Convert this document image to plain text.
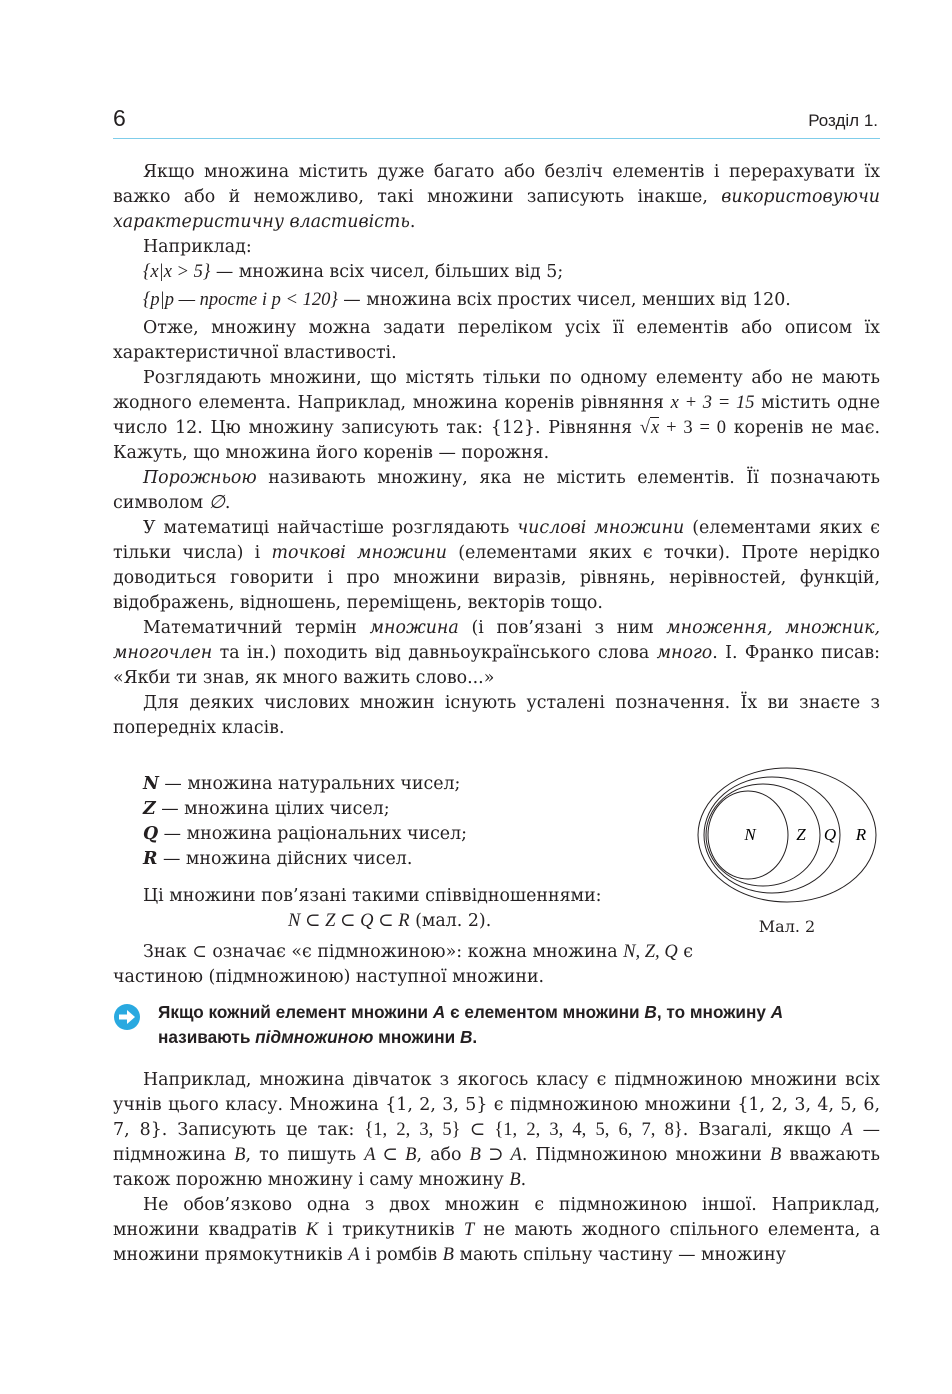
6	Розділ 1.

Якщо множина містить дуже багато або безліч елементів і перерахувати їх важко або й неможливо, такі множини записують інакше, використовуючи характеристичну властивість.

Наприклад:
{x|x > 5} — множина всіх чисел, більших від 5;
{p|p — просте і p < 120} — множина всіх простих чисел, менших від 120.

Отже, множину можна задати переліком усіх її елементів або описом їх характеристичної властивості.

Розглядають множини, що містять тільки по одному елементу або не мають жодного елемента. Наприклад, множина коренів рівняння x + 3 = 15 містить одне число 12. Цю множину записують так: {12}. Рівняння √x + 3 = 0 коренів не має. Кажуть, що множина його коренів — порожня.

Порожньою називають множину, яка не містить елементів. Її позначають символом ∅.

У математиці найчастіше розглядають числові множини (елементами яких є тільки числа) і точкові множини (елементами яких є точки). Проте нерідко доводиться говорити і про множини виразів, рівнянь, нерівностей, функцій, відображень, відношень, переміщень, векторів тощо.

Математичний термін множина (і пов’язані з ним множення, множник, многочлен та ін.) походить від давньоукраїнського слова много. І. Франко писав: «Якби ти знав, як много важить слово...»

Для деяких числових множин існують усталені позначення. Їх ви знаєте з попередніх класів.

N — множина натуральних чисел;
Z — множина цілих чисел;
Q — множина раціональних чисел;
R — множина дійсних чисел.
Ці множини пов’язані такими співвідношеннями:
N ⊂ Z ⊂ Q ⊂ R (мал. 2).

Знак ⊂ означає «є підмножиною»: кожна множина N, Z, Q є частиною (підмножиною) наступної множини.

N Z Q R
Мал. 2
Якщо кожний елемент множини A є елементом множини B, то множину A називають підмножиною множини B.

Наприклад, множина дівчаток з якогось класу є підмножиною множини всіх учнів цього класу. Множина {1, 2, 3, 5} є підмножиною множини {1, 2, 3, 4, 5, 6, 7, 8}. Записують це так: {1, 2, 3, 5} ⊂ {1, 2, 3, 4, 5, 6, 7, 8}. Взагалі, якщо A — підмножина B, то пишуть A ⊂ B, або B ⊃ A. Підмножиною множини B вважають також порожню множину і саму множину B.

Не обов’язково одна з двох множин є підмножиною іншої. Наприклад, множини квадратів K і трикутників T не мають жодного спільного елемента, а множини прямокутників A і ромбів B мають спільну частину — множину
